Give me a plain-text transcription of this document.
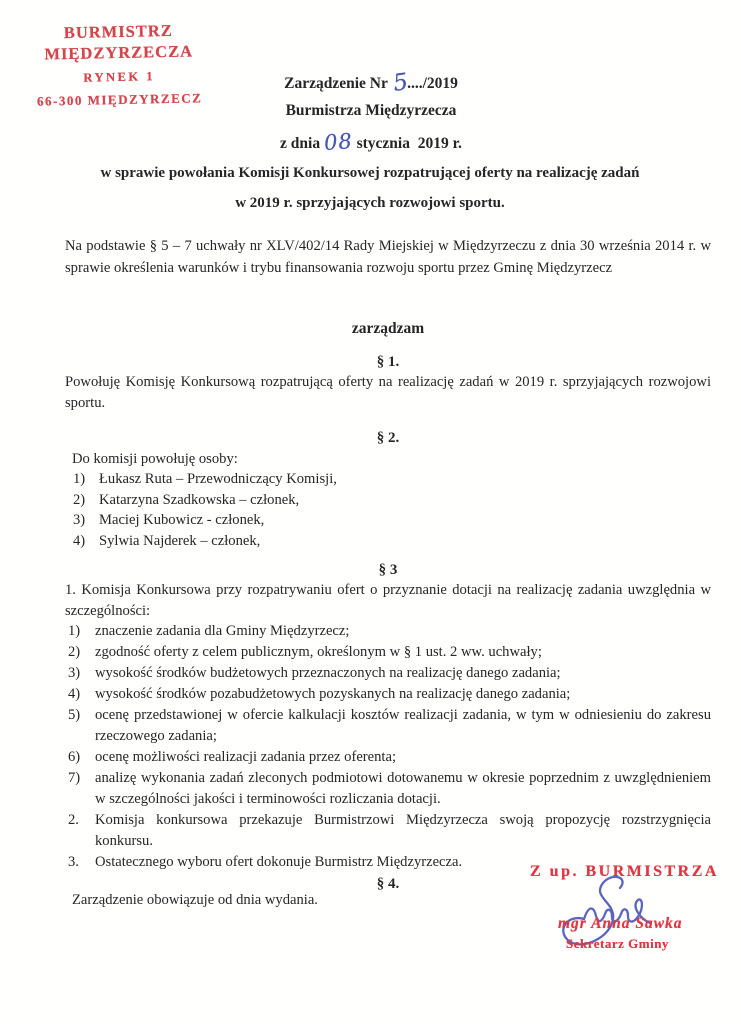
BURMISTRZ MIĘDZYRZECZA
RYNEK 1
66-300 MIĘDZYRZECZ
Zarządzenie Nr 5..../2019
Burmistrza Międzyrzecza
z dnia 08 stycznia  2019 r.
w sprawie powołania Komisji Konkursowej rozpatrującej oferty na realizację zadań
w 2019 r. sprzyjających rozwojowi sportu.

Na podstawie § 5 – 7 uchwały nr XLV/402/14 Rady Miejskiej w Międzyrzeczu z dnia 30 września 2014 r. w sprawie określenia warunków i trybu finansowania rozwoju sportu przez Gminę Międzyrzecz

zarządzam
§ 1.

Powołuję Komisję Konkursową rozpatrującą oferty na realizację zadań w 2019 r. sprzyjających rozwojowi sportu.

§ 2.
Do komisji powołuję osoby:
1) Łukasz Ruta – Przewodniczący Komisji,
2) Katarzyna Szadkowska – członek,
3) Maciej Kubowicz - członek,
4) Sylwia Najderek – członek,
§ 3

1. Komisja Konkursowa przy rozpatrywaniu ofert o przyznanie dotacji na realizację zadania uwzględnia w szczególności:

1)	znaczenie zadania dla Gminy Międzyrzecz;
2)	zgodność oferty z celem publicznym, określonym w § 1 ust. 2 ww. uchwały;
3)	wysokość środków budżetowych przeznaczonych na realizację danego zadania;
4)	wysokość środków pozabudżetowych pozyskanych na realizację danego zadania;
5)	ocenę przedstawionej w ofercie kalkulacji kosztów realizacji zadania, w tym w odniesieniu do zakresu rzeczowego zadania;
6)	ocenę możliwości realizacji zadania przez oferenta;
7)	analizę wykonania zadań zleconych podmiotowi dotowanemu w okresie poprzednim z uwzględnieniem w szczególności jakości i terminowości rozliczania dotacji.
2.	Komisja konkursowa przekazuje Burmistrzowi Międzyrzecza swoją propozycję rozstrzygnięcia konkursu.
3.	Ostatecznego wyboru ofert dokonuje Burmistrz Międzyrzecza.
§ 4.

Zarządzenie obowiązuje od dnia wydania.

Z up. BURMISTRZA
mgr Anna Sawka
Sekretarz Gminy
